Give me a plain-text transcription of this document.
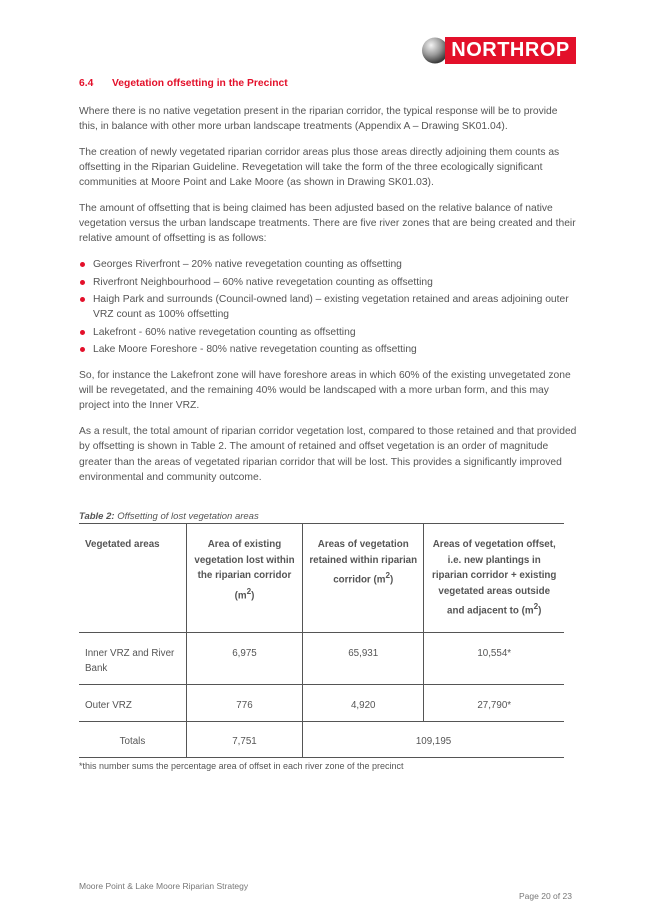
NORTHROP
6.4 Vegetation offsetting in the Precinct

Where there is no native vegetation present in the riparian corridor, the typical response will be to provide this, in balance with other more urban landscape treatments (Appendix A – Drawing SK01.04).

The creation of newly vegetated riparian corridor areas plus those areas directly adjoining them counts as offsetting in the Riparian Guideline. Revegetation will take the form of the three ecologically significant communities at Moore Point and Lake Moore (as shown in Drawing SK01.03).

The amount of offsetting that is being claimed has been adjusted based on the relative balance of native vegetation versus the urban landscape treatments. There are five river zones that are being created and their relative amount of offsetting is as follows:

Georges Riverfront – 20% native revegetation counting as offsetting
Riverfront Neighbourhood – 60% native revegetation counting as offsetting
Haigh Park and surrounds (Council-owned land) – existing vegetation retained and areas adjoining outer VRZ count as 100% offsetting
Lakefront - 60% native revegetation counting as offsetting
Lake Moore Foreshore - 80% native revegetation counting as offsetting

So, for instance the Lakefront zone will have foreshore areas in which 60% of the existing unvegetated zone will be revegetated, and the remaining 40% would be landscaped with a more urban form, and this may project into the Inner VRZ.

As a result, the total amount of riparian corridor vegetation lost, compared to those retained and that provided by offsetting is shown in Table 2. The amount of retained and offset vegetation is an order of magnitude greater than the areas of vegetated riparian corridor that will be lost. This provides a significantly improved environmental and community outcome.

Table 2: Offsetting of lost vegetation areas
Vegetated areas	Area of existing vegetation lost within the riparian corridor $(m^2)$	Areas of vegetation retained within riparian corridor $(m^2)$	Areas of vegetation offset, i.e. new plantings in riparian corridor + existing vegetated areas outside and adjacent to $(m^2)$
Inner VRZ and River Bank	6,975	65,931	10,554*
Outer VRZ	776	4,920	27,790*
Totals	7,751	109,195	
*this number sums the percentage area of offset in each river zone of the precinct
Moore Point & Lake Moore Riparian Strategy
Page 20 of 23
